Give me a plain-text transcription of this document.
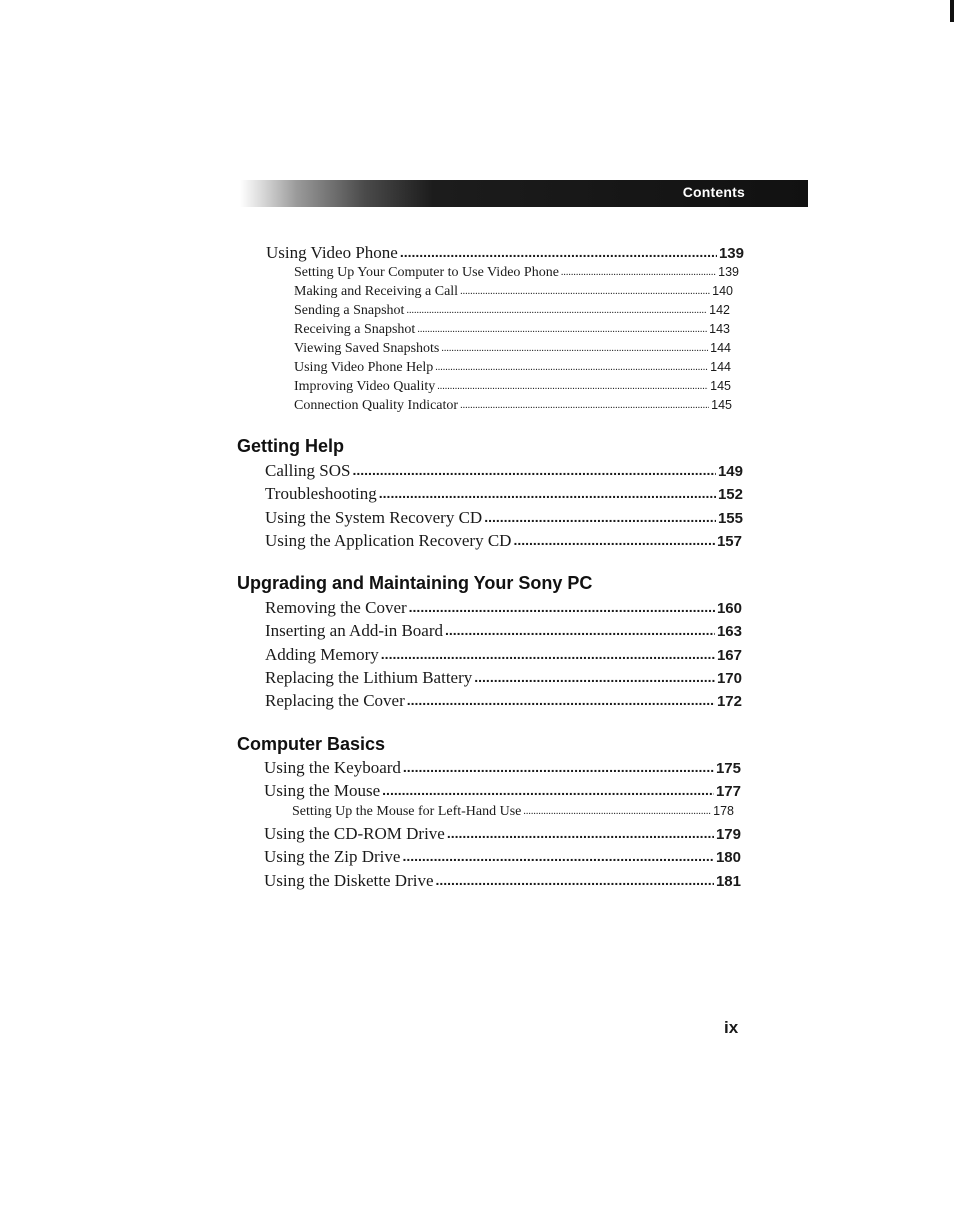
Contents
Using Video Phone .....	139
Setting Up Your Computer to Use Video Phone .....	139
Making and Receiving a Call .....	140
Sending a Snapshot .....	142
Receiving a Snapshot .....	143
Viewing Saved Snapshots .....	144
Using Video Phone Help .....	144
Improving Video Quality .....	145
Connection Quality Indicator .....	145
Getting Help
Calling SOS .....	149
Troubleshooting .....	152
Using the System Recovery CD .....	155
Using the Application Recovery CD .....	157
Upgrading and Maintaining Your Sony PC
Removing the Cover .....	160
Inserting an Add-in Board .....	163
Adding Memory .....	167
Replacing the Lithium Battery .....	170
Replacing the Cover .....	172
Computer Basics
Using the Keyboard .....	175
Using the Mouse .....	177
Setting Up the Mouse for Left-Hand Use .....	178
Using the CD-ROM Drive .....	179
Using the Zip Drive .....	180
Using the Diskette Drive .....	181
ix
